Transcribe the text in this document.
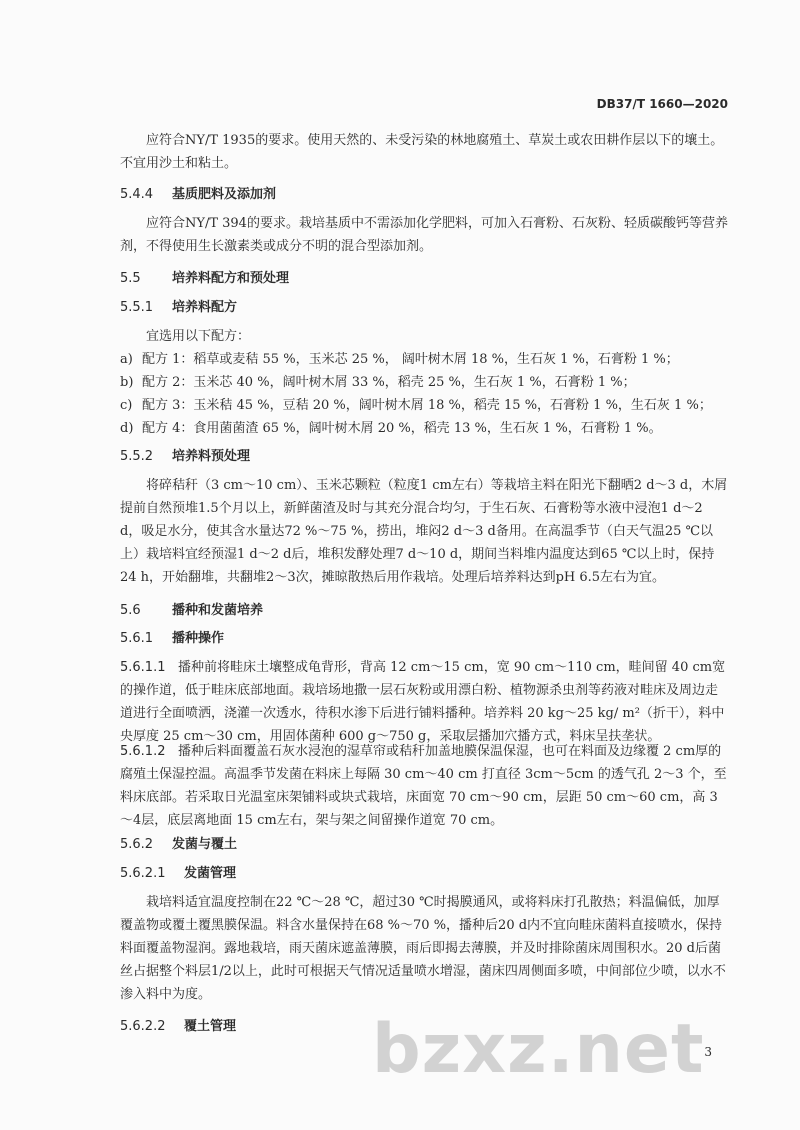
DB37/T 1660—2020
应符合NY/T 1935的要求。使用天然的、未受污染的林地腐殖土、草炭土或农田耕作层以下的壤土。不宜用沙土和粘土。
5.4.4 基质肥料及添加剂
应符合NY/T 394的要求。栽培基质中不需添加化学肥料，可加入石膏粉、石灰粉、轻质碳酸钙等营养剂，不得使用生长激素类或成分不明的混合型添加剂。
5.5 培养料配方和预处理
5.5.1 培养料配方
宜选用以下配方：
a) 配方 1：稻草或麦秸 55 %，玉米芯 25 %， 阔叶树木屑 18 %，生石灰 1 %，石膏粉 1 %；
b) 配方 2：玉米芯 40 %，阔叶树木屑 33 %，稻壳 25 %，生石灰 1 %，石膏粉 1 %；
c) 配方 3：玉米秸 45 %，豆秸 20 %，阔叶树木屑 18 %，稻壳 15 %，石膏粉 1 %，生石灰 1 %；
d) 配方 4：食用菌菌渣 65 %，阔叶树木屑 20 %，稻壳 13 %，生石灰 1 %，石膏粉 1 %。
5.5.2 培养料预处理
将碎秸秆（3 cm～10 cm）、玉米芯颗粒（粒度1 cm左右）等栽培主料在阳光下翻晒2 d～3 d，木屑提前自然预堆1.5个月以上，新鲜菌渣及时与其充分混合均匀，于生石灰、石膏粉等水液中浸泡1 d～2 d，吸足水分，使其含水量达72 %～75 %，捞出，堆闷2 d～3 d备用。在高温季节（白天气温25 ℃以上）栽培料宜经预湿1 d～2 d后，堆积发酵处理7 d～10 d，期间当料堆内温度达到65 ℃以上时，保持24 h，开始翻堆，共翻堆2～3次，摊晾散热后用作栽培。处理后培养料达到pH 6.5左右为宜。
5.6 播种和发菌培养
5.6.1 播种操作
5.6.1.1 播种前将畦床土壤整成龟背形，背高 12 cm～15 cm，宽 90 cm～110 cm，畦间留 40 cm宽的操作道，低于畦床底部地面。栽培场地撒一层石灰粉或用漂白粉、植物源杀虫剂等药液对畦床及周边走道进行全面喷洒，浇灌一次透水，待积水渗下后进行铺料播种。培养料 20 kg～25 kg/ m²（折干），料中央厚度 25 cm～30 cm，用固体菌种 600 g～750 g，采取层播加穴播方式，料床呈扶垄状。
5.6.1.2 播种后料面覆盖石灰水浸泡的湿草帘或秸秆加盖地膜保温保湿，也可在料面及边缘覆 2 cm厚的腐殖土保湿控温。高温季节发菌在料床上每隔 30 cm～40 cm 打直径 3cm～5cm 的透气孔 2～3 个，至料床底部。若采取日光温室床架铺料或块式栽培，床面宽 70 cm～90 cm，层距 50 cm～60 cm，高 3～4层，底层离地面 15 cm左右，架与架之间留操作道宽 70 cm。
5.6.2 发菌与覆土
5.6.2.1 发菌管理
栽培料适宜温度控制在22 ℃～28 ℃，超过30 ℃时揭膜通风，或将料床打孔散热；料温偏低，加厚覆盖物或覆土覆黑膜保温。料含水量保持在68 %～70 %，播种后20 d内不宜向畦床菌料直接喷水，保持料面覆盖物湿润。露地栽培，雨天菌床遮盖薄膜，雨后即揭去薄膜，并及时排除菌床周围积水。20 d后菌丝占据整个料层1/2以上，此时可根据天气情况适量喷水增湿，菌床四周侧面多喷，中间部位少喷，以水不渗入料中为度。
5.6.2.2 覆土管理 bzxz.net 3
